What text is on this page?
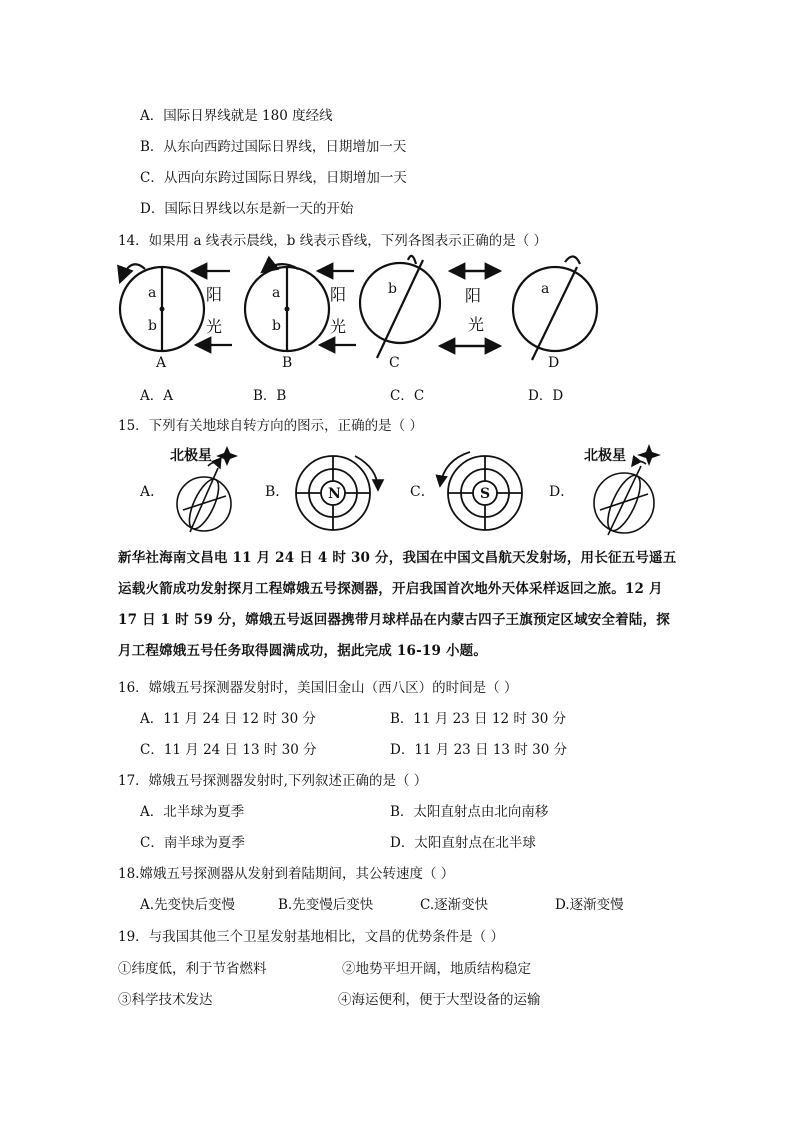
A．国际日界线就是 180 度经线
B．从东向西跨过国际日界线，日期增加一天
C．从西向东跨过国际日界线，日期增加一天
D．国际日界线以东是新一天的开始
14．如果用 a 线表示晨线，b 线表示昏线，下列各图表示正确的是（ ）
a
b
a
b
b	a
阳
光
阳
光
阳
光
A	B	C	D
A．A	B．B	C．C	D．D
15．下列有关地球自转方向的图示，正确的是（ ）
A．	B．	C．	D．
北极星	北极星
N	S
新华社海南文昌电 11 月 24 日 4 时 30 分，我国在中国文昌航天发射场，用长征五号遥五运载火箭成功发射探月工程嫦娥五号探测器，开启我国首次地外天体采样返回之旅。12 月 17 日 1 时 59 分，嫦娥五号返回器携带月球样品在内蒙古四子王旗预定区域安全着陆，探月工程嫦娥五号任务取得圆满成功，据此完成 16-19 小题。
16．嫦娥五号探测器发射时，美国旧金山（西八区）的时间是（ ）
A．11 月 24 日 12 时 30 分	B．11 月 23 日 12 时 30 分
C．11 月 24 日 13 时 30 分	D．11 月 23 日 13 时 30 分
17．嫦娥五号探测器发射时,下列叙述正确的是（ ）
A．北半球为夏季	B．太阳直射点由北向南移
C．南半球为夏季	D．太阳直射点在北半球
18.嫦娥五号探测器从发射到着陆期间，其公转速度（ ）
A.先变快后变慢	B.先变慢后变快	C.逐渐变快	D.逐渐变慢
19．与我国其他三个卫星发射基地相比，文昌的优势条件是（ ）
①纬度低，利于节省燃料	②地势平坦开阔，地质结构稳定
③科学技术发达	④海运便利，便于大型设备的运输
